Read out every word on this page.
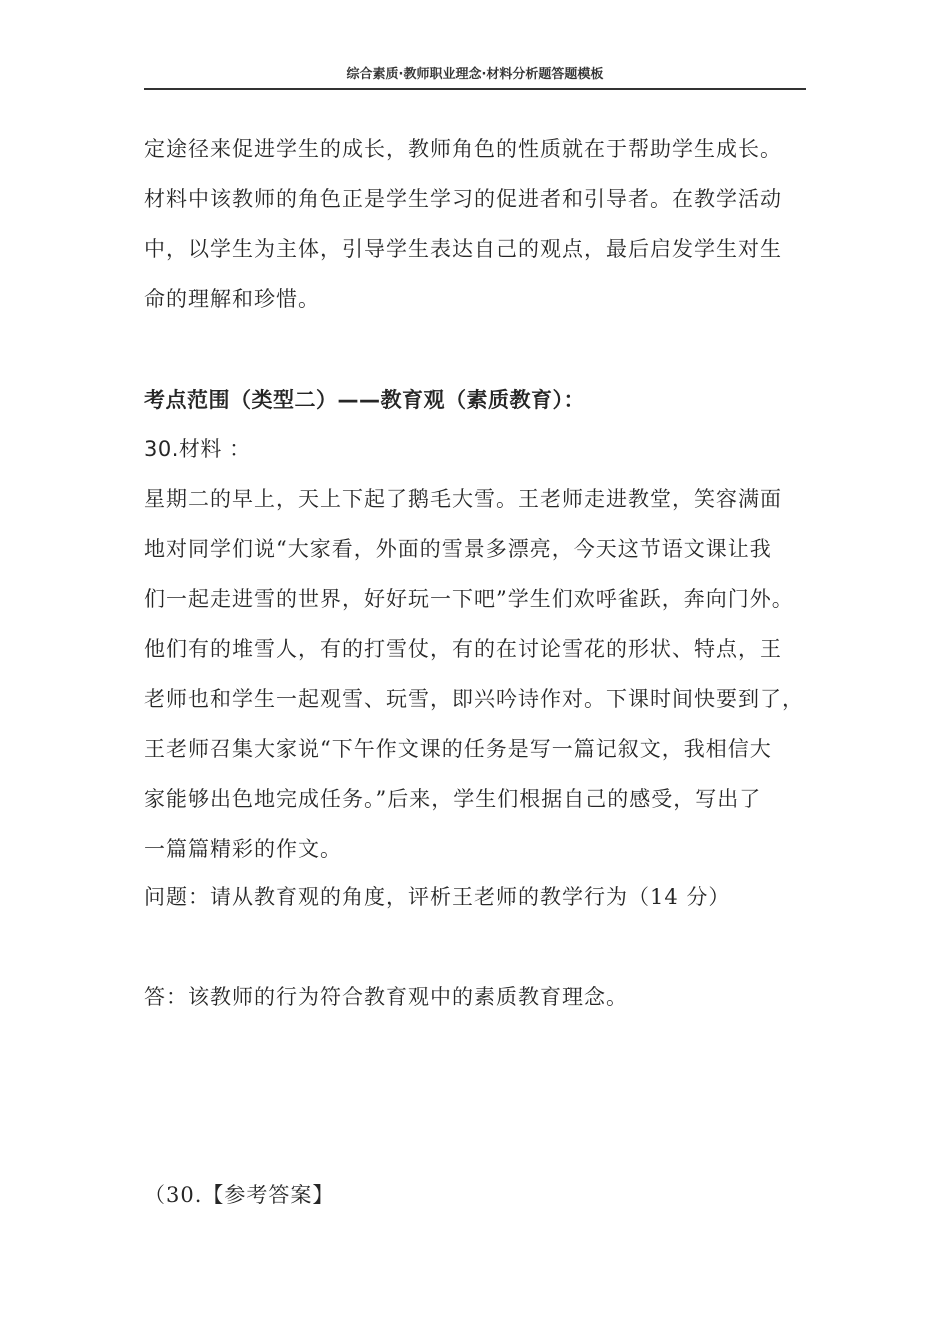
综合素质·教师职业理念·材料分析题答题模板
定途径来促进学生的成长，教师角色的性质就在于帮助学生成长。
材料中该教师的角色正是学生学习的促进者和引导者。在教学活动
中，以学生为主体，引导学生表达自己的观点，最后启发学生对生
命的理解和珍惜。
考点范围（类型二）——教育观（素质教育）：
30.材料 ：
星期二的早上，天上下起了鹅毛大雪。王老师走进教堂，笑容满面
地对同学们说“大家看，外面的雪景多漂亮，今天这节语文课让我
们一起走进雪的世界，好好玩一下吧”学生们欢呼雀跃，奔向门外。
他们有的堆雪人，有的打雪仗，有的在讨论雪花的形状、特点，王
老师也和学生一起观雪、玩雪，即兴吟诗作对。下课时间快要到了，
王老师召集大家说“下午作文课的任务是写一篇记叙文，我相信大
家能够出色地完成任务。”后来，学生们根据自己的感受，写出了
一篇篇精彩的作文。
问题：请从教育观的角度，评析王老师的教学行为（14 分）
答：该教师的行为符合教育观中的素质教育理念。
（30.【参考答案】
